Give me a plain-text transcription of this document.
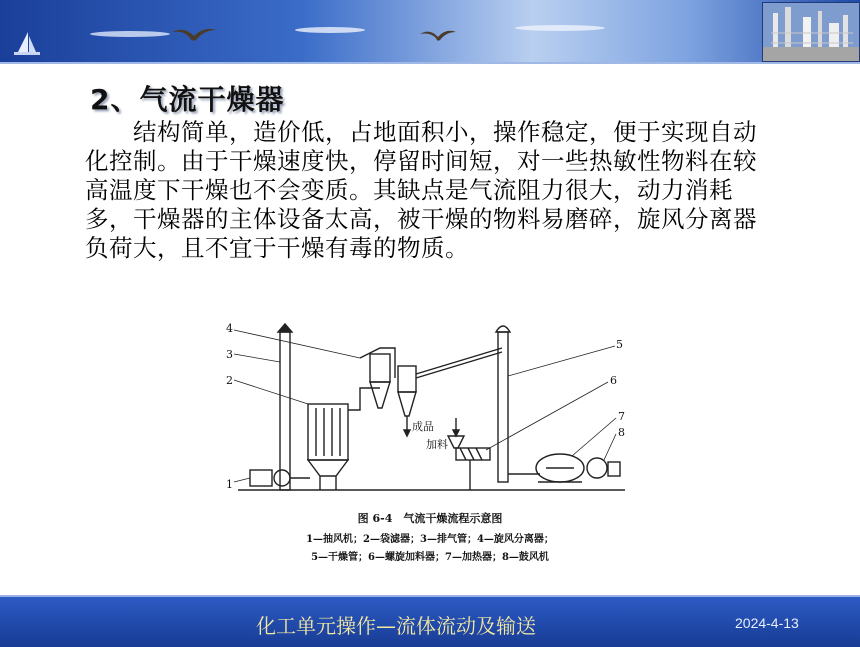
2、气流干燥器

　　结构简单，造价低，占地面积小，操作稳定，便于实现自动化控制。由于干燥速度快，停留时间短，对一些热敏性物料在较高温度下干燥也不会变质。其缺点是气流阻力很大，动力消耗多，干燥器的主体设备太高，被干燥的物料易磨碎，旋风分离器负荷大，且不宜于干燥有毒的物质。

4
3
2
1
5
6
7
8
成品
加料
图 6-4　气流干燥流程示意图
1—抽风机；2—袋滤器；3—排气管；4—旋风分离器；
5—干燥管；6—螺旋加料器；7—加热器；8—鼓风机
化工单元操作—流体流动及输送	2024-4-13
